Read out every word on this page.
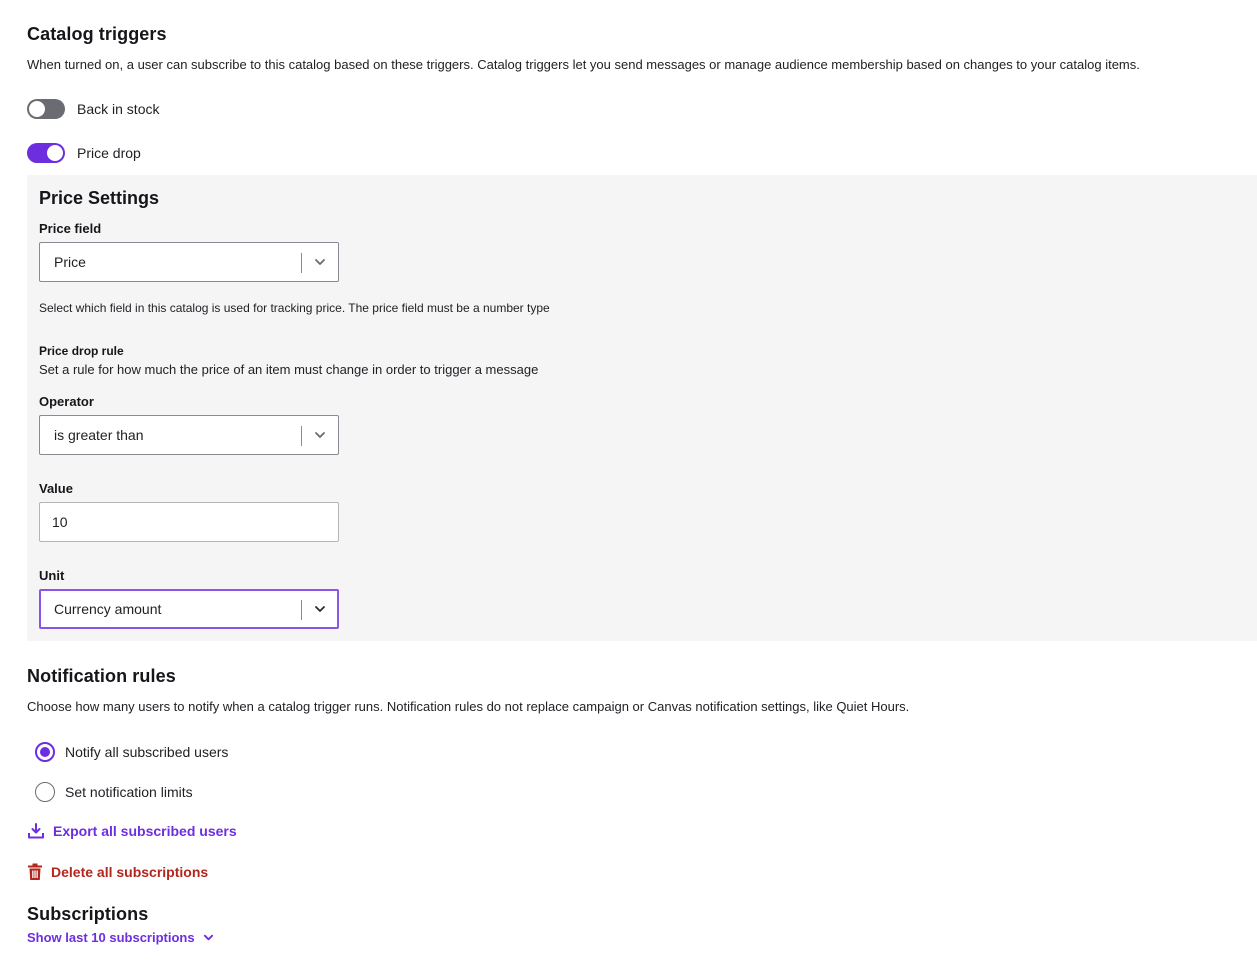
Catalog triggers
When turned on, a user can subscribe to this catalog based on these triggers. Catalog triggers let you send messages or manage audience membership based on changes to your catalog items.
Back in stock
Price drop
Price Settings
Price field
Price
Select which field in this catalog is used for tracking price. The price field must be a number type
Price drop rule
Set a rule for how much the price of an item must change in order to trigger a message
Operator
is greater than
Value
10
Unit
Currency amount
Notification rules
Choose how many users to notify when a catalog trigger runs. Notification rules do not replace campaign or Canvas notification settings, like Quiet Hours.
Notify all subscribed users
Set notification limits
Export all subscribed users
Delete all subscriptions
Subscriptions
Show last 10 subscriptions
